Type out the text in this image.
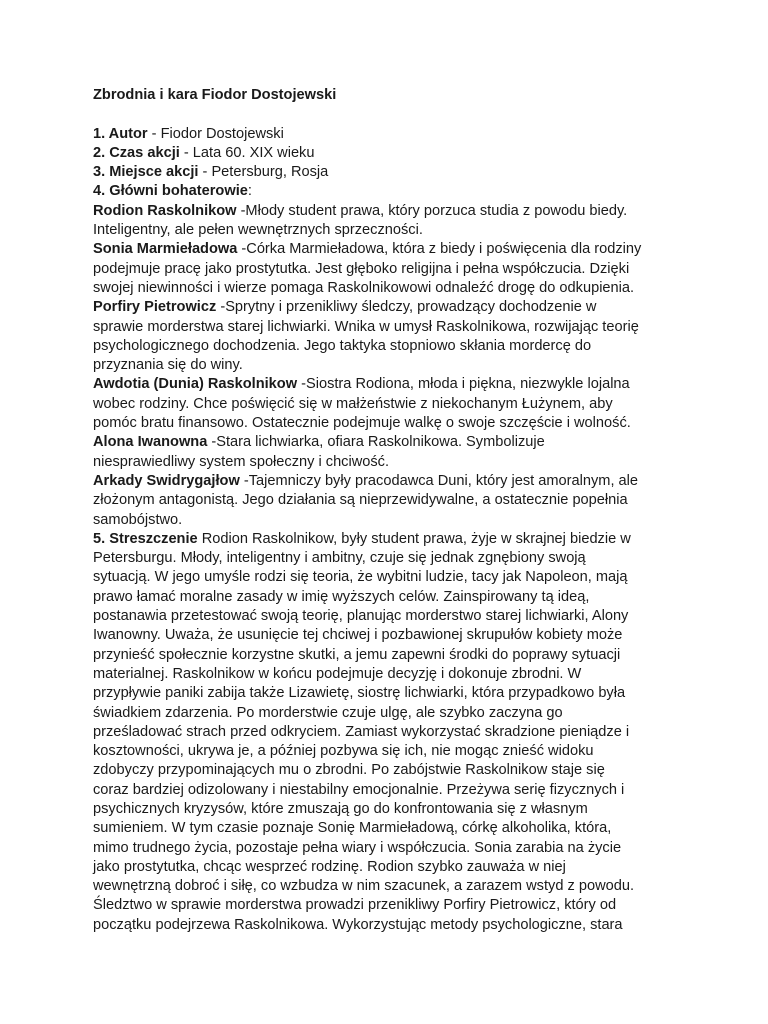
Zbrodnia i kara Fiodor Dostojewski
1. Autor - Fiodor Dostojewski
2. Czas akcji - Lata 60. XIX wieku
3. Miejsce akcji - Petersburg, Rosja
4. Główni bohaterowie:
Rodion Raskolnikow -Młody student prawa, który porzuca studia z powodu biedy.
Inteligentny, ale pełen wewnętrznych sprzeczności.
Sonia Marmieładowa -Córka Marmieładowa, która z biedy i poświęcenia dla rodziny
podejmuje pracę jako prostytutka. Jest głęboko religijna i pełna współczucia. Dzięki
swojej niewinności i wierze pomaga Raskolnikowowi odnaleźć drogę do odkupienia.
Porfiry Pietrowicz -Sprytny i przenikliwy śledczy, prowadzący dochodzenie w
sprawie morderstwa starej lichwiarki. Wnika w umysł Raskolnikowa, rozwijając teorię
psychologicznego dochodzenia. Jego taktyka stopniowo skłania mordercę do
przyznania się do winy.
Awdotia (Dunia) Raskolnikow -Siostra Rodiona, młoda i piękna, niezwykle lojalna
wobec rodziny. Chce poświęcić się w małżeństwie z niekochanym Łużynem, aby
pomóc bratu finansowo. Ostatecznie podejmuje walkę o swoje szczęście i wolność.
Alona Iwanowna -Stara lichwiarka, ofiara Raskolnikowa. Symbolizuje
niesprawiedliwy system społeczny i chciwość.
Arkady Swidrygajłow -Tajemniczy były pracodawca Duni, który jest amoralnym, ale
złożonym antagonistą. Jego działania są nieprzewidywalne, a ostatecznie popełnia
samobójstwo.
5. Streszczenie Rodion Raskolnikow, były student prawa, żyje w skrajnej biedzie w
Petersburgu. Młody, inteligentny i ambitny, czuje się jednak zgnębiony swoją
sytuacją. W jego umyśle rodzi się teoria, że wybitni ludzie, tacy jak Napoleon, mają
prawo łamać moralne zasady w imię wyższych celów. Zainspirowany tą ideą,
postanawia przetestować swoją teorię, planując morderstwo starej lichwiarki, Alony
Iwanowny. Uważa, że usunięcie tej chciwej i pozbawionej skrupułów kobiety może
przynieść społecznie korzystne skutki, a jemu zapewni środki do poprawy sytuacji
materialnej. Raskolnikow w końcu podejmuje decyzję i dokonuje zbrodni. W
przypływie paniki zabija także Lizawietę, siostrę lichwiarki, która przypadkowo była
świadkiem zdarzenia. Po morderstwie czuje ulgę, ale szybko zaczyna go
prześladować strach przed odkryciem. Zamiast wykorzystać skradzione pieniądze i
kosztowności, ukrywa je, a później pozbywa się ich, nie mogąc znieść widoku
zdobyczy przypominających mu o zbrodni. Po zabójstwie Raskolnikow staje się
coraz bardziej odizolowany i niestabilny emocjonalnie. Przeżywa serię fizycznych i
psychicznych kryzysów, które zmuszają go do konfrontowania się z własnym
sumieniem. W tym czasie poznaje Sonię Marmieładową, córkę alkoholika, która,
mimo trudnego życia, pozostaje pełna wiary i współczucia. Sonia zarabia na życie
jako prostytutka, chcąc wesprzeć rodzinę. Rodion szybko zauważa w niej
wewnętrzną dobroć i siłę, co wzbudza w nim szacunek, a zarazem wstyd z powodu.
Śledztwo w sprawie morderstwa prowadzi przenikliwy Porfiry Pietrowicz, który od
początku podejrzewa Raskolnikowa. Wykorzystując metody psychologiczne, stara
